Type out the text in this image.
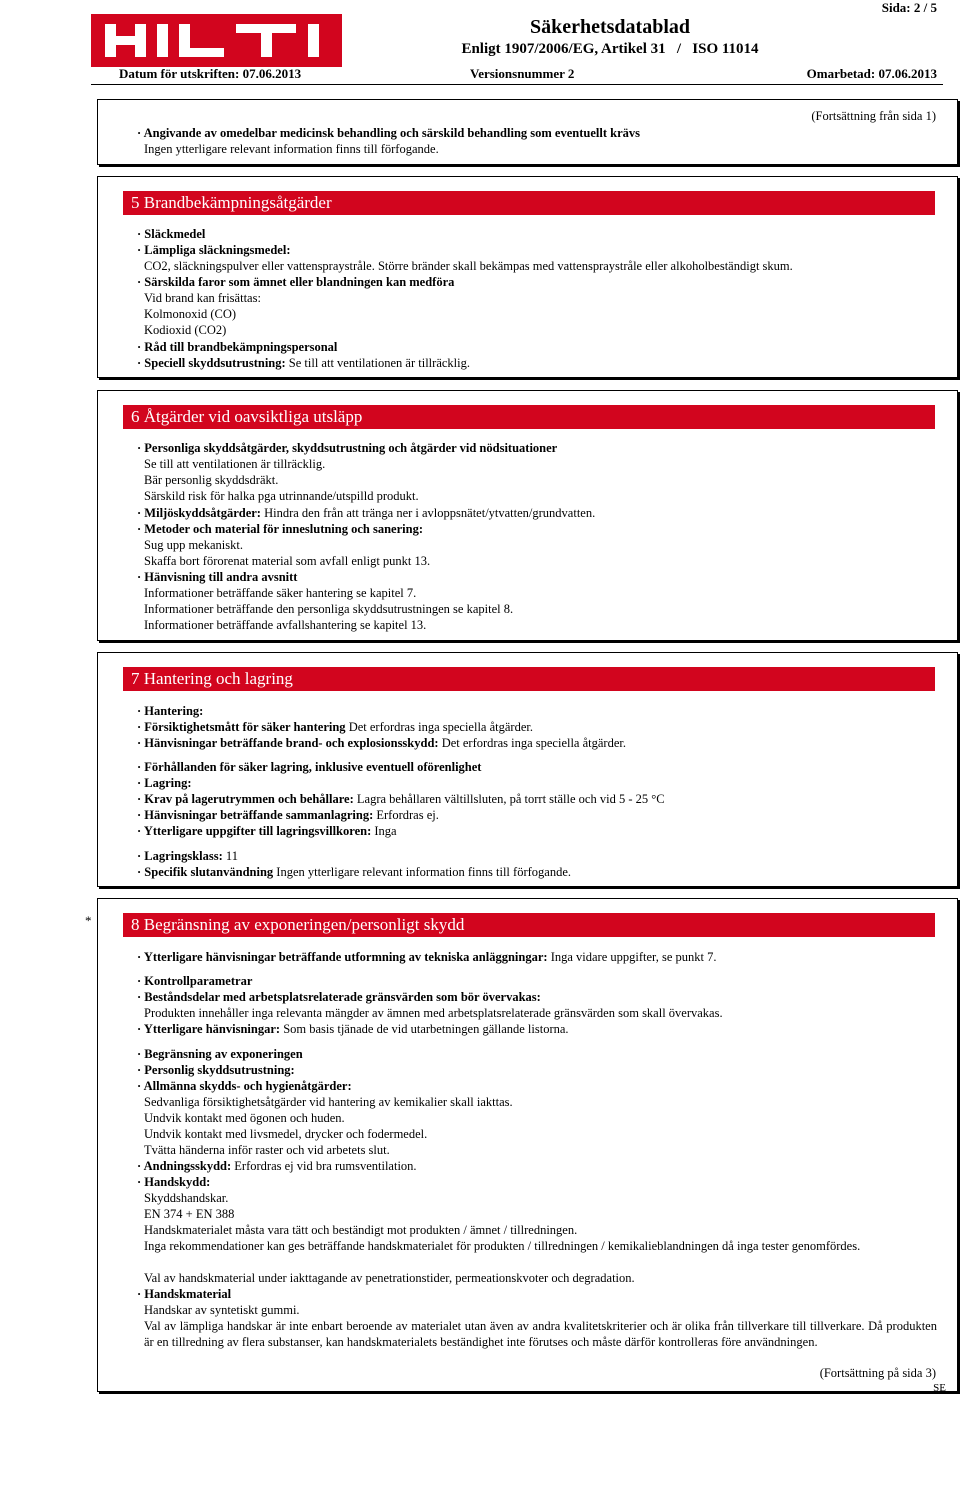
Sida: 2 / 5
Säkerhetsdatablad
Enligt 1907/2006/EG, Artikel 31   /   ISO 11014
Datum för utskriften: 07.06.2013	Versionsnummer 2	Omarbetad: 07.06.2013
(Fortsättning från sida 1)
· Angivande av omedelbar medicinsk behandling och särskild behandling som eventuellt krävs
Ingen ytterligare relevant information finns till förfogande.
5 Brandbekämpningsåtgärder
· Släckmedel
· Lämpliga släckningsmedel:
CO2, släckningspulver eller vattenspraystråle. Större bränder skall bekämpas med vattenspraystråle eller alkoholbeständigt skum.
· Särskilda faror som ämnet eller blandningen kan medföra
Vid brand kan frisättas:
Kolmonoxid (CO)
Kodioxid (CO2)
· Råd till brandbekämpningspersonal
· Speciell skyddsutrustning: Se till att ventilationen är tillräcklig.
6 Åtgärder vid oavsiktliga utsläpp
· Personliga skyddsåtgärder, skyddsutrustning och åtgärder vid nödsituationer
Se till att ventilationen är tillräcklig.
Bär personlig skyddsdräkt.
Särskild risk för halka pga utrinnande/utspilld produkt.
· Miljöskyddsåtgärder: Hindra den från att tränga ner i avloppsnätet/ytvatten/grundvatten.
· Metoder och material för inneslutning och sanering:
Sug upp mekaniskt.
Skaffa bort förorenat material som avfall enligt punkt 13.
· Hänvisning till andra avsnitt
Informationer beträffande säker hantering se kapitel 7.
Informationer beträffande den personliga skyddsutrustningen se kapitel 8.
Informationer beträffande avfallshantering se kapitel 13.
7 Hantering och lagring
· Hantering:
· Försiktighetsmått för säker hantering Det erfordras inga speciella åtgärder.
· Hänvisningar beträffande brand- och explosionsskydd: Det erfordras inga speciella åtgärder.
· Förhållanden för säker lagring, inklusive eventuell oförenlighet
· Lagring:
· Krav på lagerutrymmen och behållare: Lagra behållaren vältillsluten, på torrt ställe och vid 5 - 25 °C
· Hänvisningar beträffande sammanlagring: Erfordras ej.
· Ytterligare uppgifter till lagringsvillkoren: Inga
· Lagringsklass: 11
· Specifik slutanvändning Ingen ytterligare relevant information finns till förfogande.
*	8 Begränsning av exponeringen/personligt skydd
· Ytterligare hänvisningar beträffande utformning av tekniska anläggningar: Inga vidare uppgifter, se punkt 7.
· Kontrollparametrar
· Beståndsdelar med arbetsplatsrelaterade gränsvärden som bör övervakas:
Produkten innehåller inga relevanta mängder av ämnen med arbetsplatsrelaterade gränsvärden som skall övervakas.
· Ytterligare hänvisningar: Som basis tjänade de vid utarbetningen gällande listorna.
· Begränsning av exponeringen
· Personlig skyddsutrustning:
· Allmänna skydds- och hygienåtgärder:
Sedvanliga försiktighetsåtgärder vid hantering av kemikalier skall iakttas.
Undvik kontakt med ögonen och huden.
Undvik kontakt med livsmedel, drycker och fodermedel.
Tvätta händerna inför raster och vid arbetets slut.
· Andningsskydd: Erfordras ej vid bra rumsventilation.
· Handskydd:
Skyddshandskar.
EN 374 + EN 388
Handskmaterialet måsta vara tätt och beständigt mot produkten / ämnet / tillredningen.
Inga rekommendationer kan ges beträffande handskmaterialet för produkten / tillredningen / kemikalieblandningen då inga tester genomfördes.
Val av handskmaterial under iakttagande av penetrationstider, permeationskvoter och degradation.
· Handskmaterial
Handskar av syntetiskt gummi.
Val av lämpliga handskar är inte enbart beroende av materialet utan även av andra kvalitetskriterier och är olika från tillverkare till tillverkare. Då produkten är en tillredning av flera substanser, kan handskmaterialets beständighet inte förutses och måste därför kontrolleras före användningen.
(Fortsättning på sida 3)
SE
